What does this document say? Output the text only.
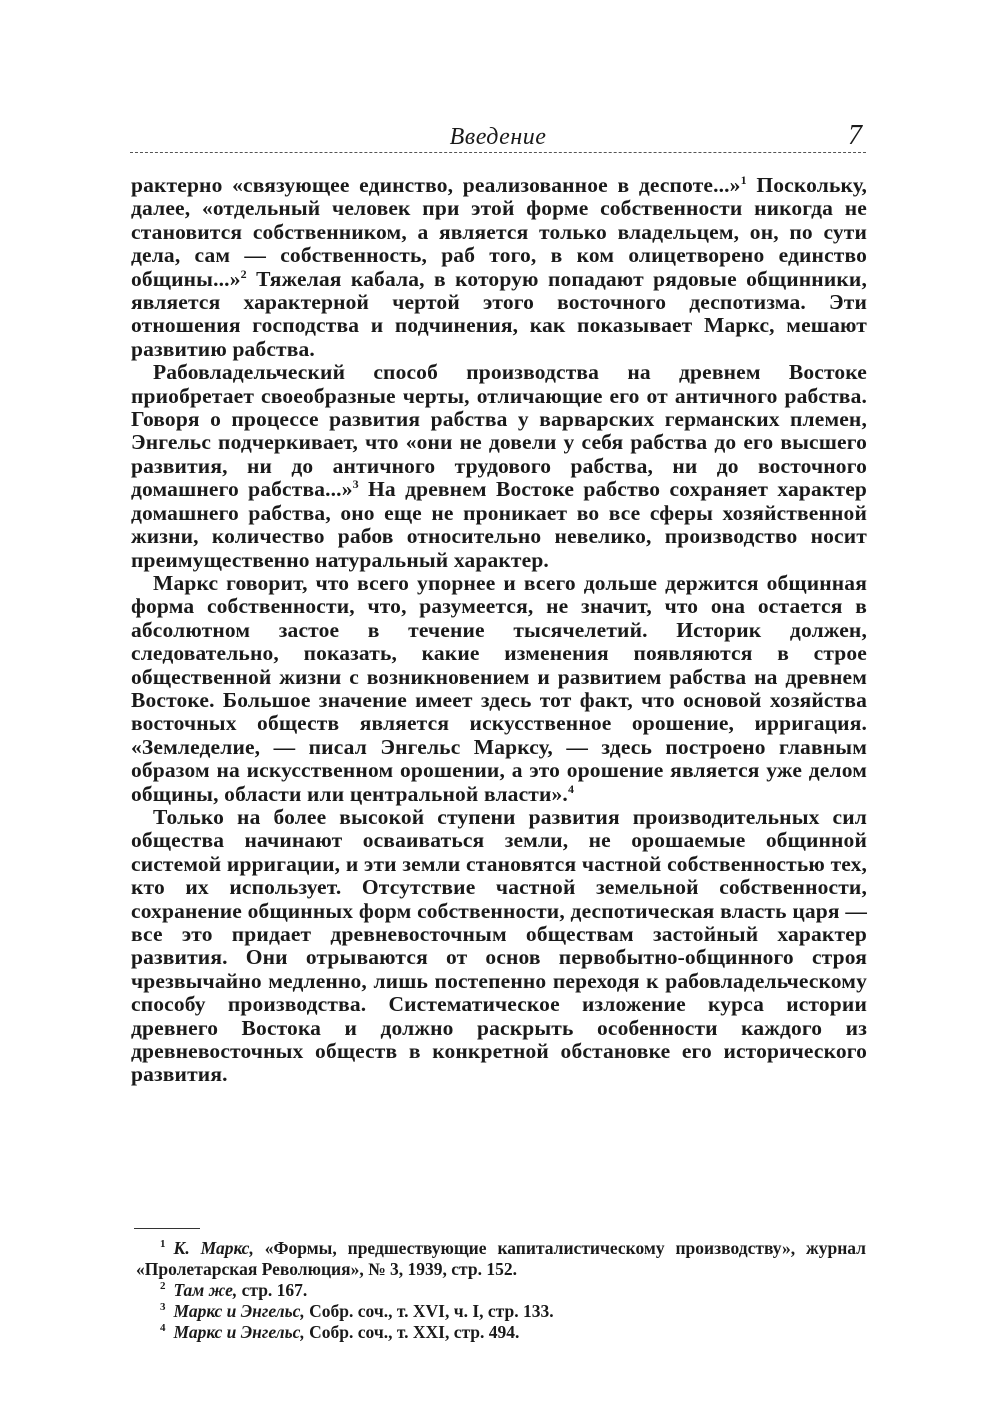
Введение	7

рактерно «связующее единство, реализованное в деспоте...»$^1$ Поскольку, далее, «отдельный человек при этой форме собственности никогда не становится собственником, а является только владельцем, он, по сути дела, сам — собственность, раб того, в ком олицетворено единство общины...»$^2$ Тяжелая кабала, в которую попадают рядовые общинники, является характерной чертой этого восточного деспотизма. Эти отношения господства и подчинения, как показывает Маркс, мешают развитию рабства.

Рабовладельческий способ производства на древнем Востоке приобретает своеобразные черты, отличающие его от античного рабства. Говоря о процессе развития рабства у варварских германских племен, Энгельс подчеркивает, что «они не довели у себя рабства до его высшего развития, ни до античного трудового рабства, ни до восточного домашнего рабства...»$^3$ На древнем Востоке рабство сохраняет характер домашнего рабства, оно еще не проникает во все сферы хозяйственной жизни, количество рабов относительно невелико, производство носит преимущественно натуральный характер.

Маркс говорит, что всего упорнее и всего дольше держится общинная форма собственности, что, разумеется, не значит, что она остается в абсолютном застое в течение тысячелетий. Историк должен, следовательно, показать, какие изменения появляются в строе общественной жизни с возникновением и развитием рабства на древнем Востоке. Большое значение имеет здесь тот факт, что основой хозяйства восточных обществ является искусственное орошение, ирригация. «Земледелие, — писал Энгельс Марксу, — здесь построено главным образом на искусственном орошении, а это орошение является уже делом общины, области или центральной власти».$^4$

Только на более высокой ступени развития производительных сил общества начинают осваиваться земли, не орошаемые общинной системой ирригации, и эти земли становятся частной собственностью тех, кто их использует. Отсутствие частной земельной собственности, сохранение общинных форм собственности, деспотическая власть царя — все это придает древневосточным обществам застойный характер развития. Они отрываются от основ первобытно-общинного строя чрезвычайно медленно, лишь постепенно переходя к рабовладельческому способу производства. Систематическое изложение курса истории древнего Востока и должно раскрыть особенности каждого из древневосточных обществ в конкретной обстановке его исторического развития.

$^1$ К. Маркс, «Формы, предшествующие капиталистическому производству», журнал «Пролетарская Революция», № 3, 1939, стр. 152.

$^2$ Там же, стр. 167.

$^3$ Маркс и Энгельс, Собр. соч., т. XVI, ч. I, стр. 133.

$^4$ Маркс и Энгельс, Собр. соч., т. XXI, стр. 494.
